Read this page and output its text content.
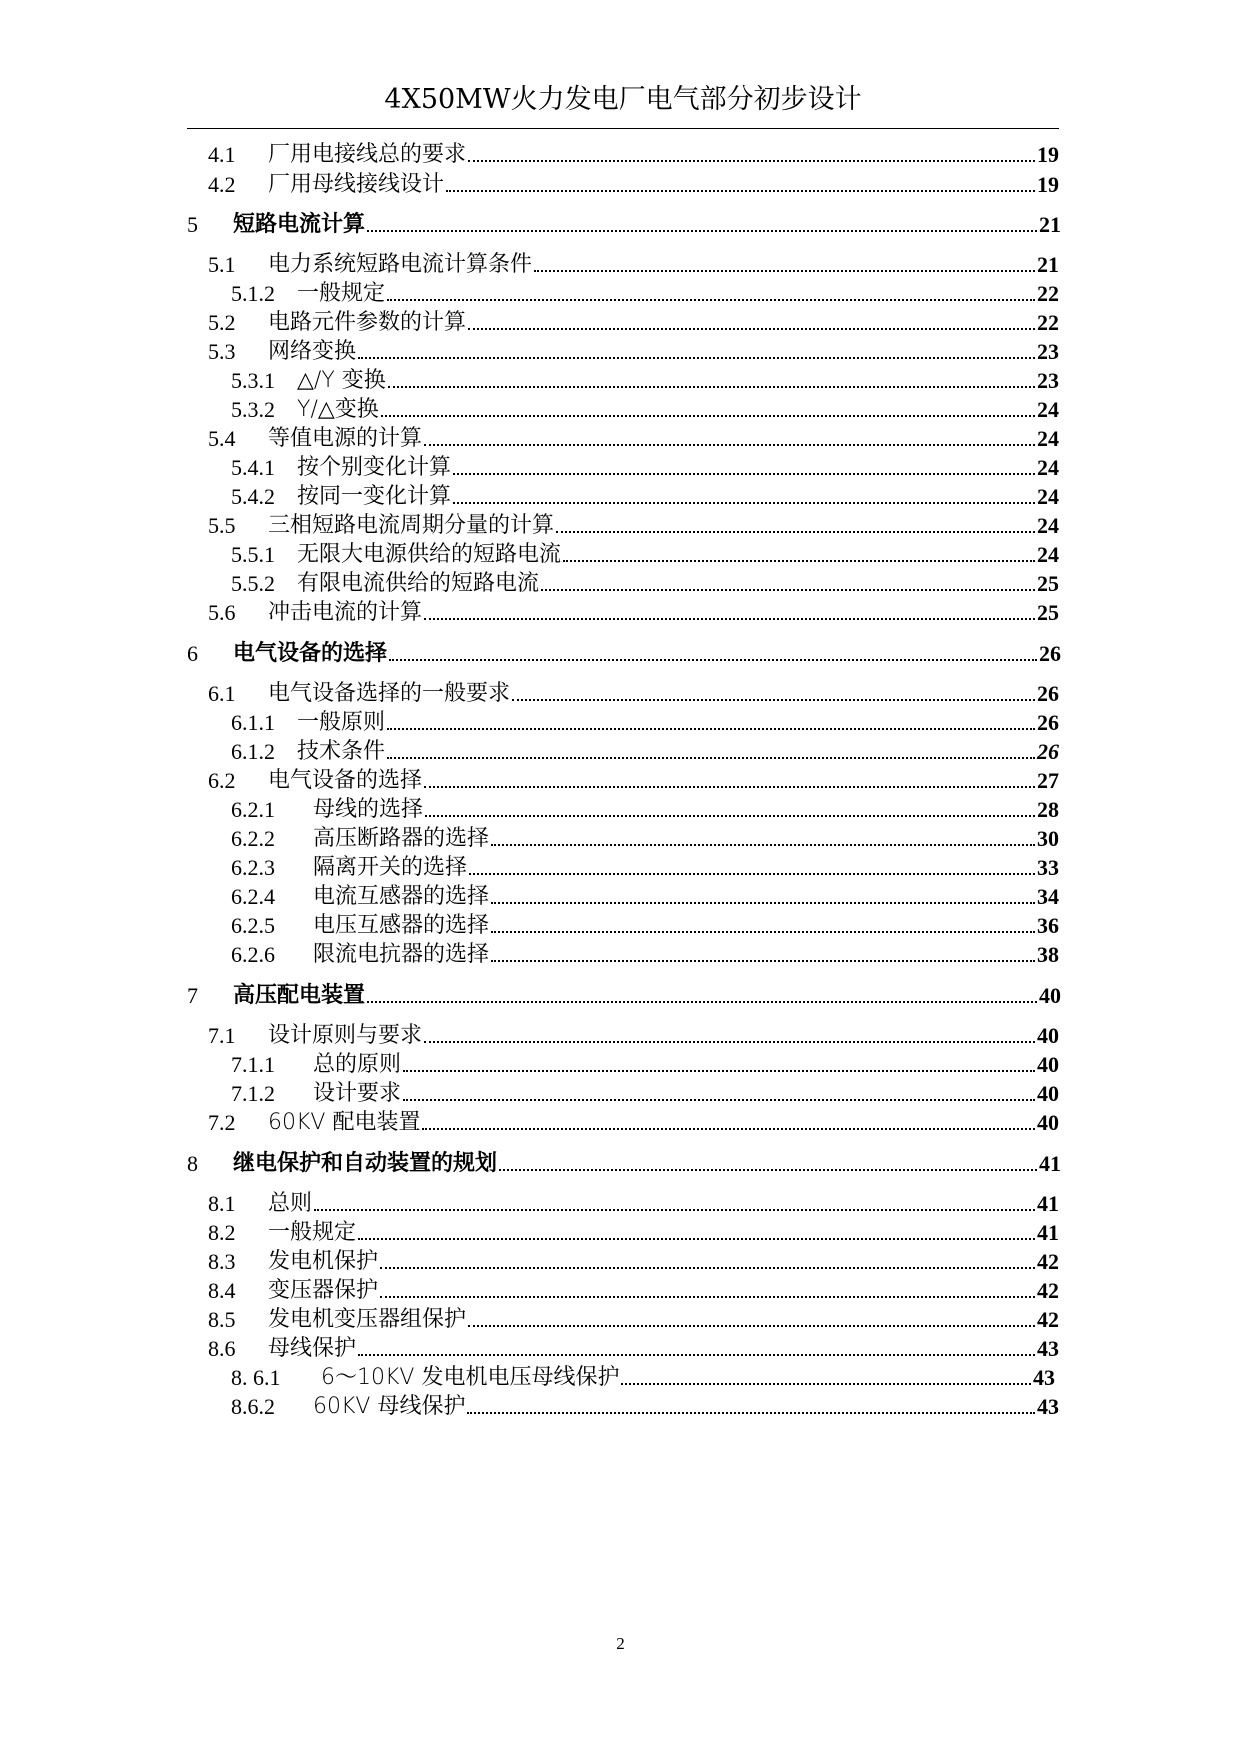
4X50MW火力发电厂电气部分初步设计
4.1	厂用电接线总的要求	19
4.2	厂用母线接线设计	19
5	短路电流计算	21
5.1	电力系统短路电流计算条件	21
5.1.2	一般规定	22
5.2	电路元件参数的计算	22
5.3	网络变换	23
5.3.1	△/Y 变换	23
5.3.2	Y/△变换	24
5.4	等值电源的计算	24
5.4.1	按个别变化计算	24
5.4.2	按同一变化计算	24
5.5	三相短路电流周期分量的计算	24
5.5.1	无限大电源供给的短路电流	24
5.5.2	有限电流供给的短路电流	25
5.6	冲击电流的计算	25
6	电气设备的选择	26
6.1	电气设备选择的一般要求	26
6.1.1	一般原则	26
6.1.2	技术条件	26
6.2	电气设备的选择	27
6.2.1	母线的选择	28
6.2.2	高压断路器的选择	30
6.2.3	隔离开关的选择	33
6.2.4	电流互感器的选择	34
6.2.5	电压互感器的选择	36
6.2.6	限流电抗器的选择	38
7	高压配电装置	40
7.1	设计原则与要求	40
7.1.1	总的原则	40
7.1.2	设计要求	40
7.2	60KV 配电装置	40
8	继电保护和自动装置的规划	41
8.1	总则	41
8.2	一般规定	41
8.3	发电机保护	42
8.4	变压器保护	42
8.5	发电机变压器组保护	42
8.6	母线保护	43
8. 6.1	6～10KV 发电机电压母线保护	43
8.6.2	60KV 母线保护	43
2
